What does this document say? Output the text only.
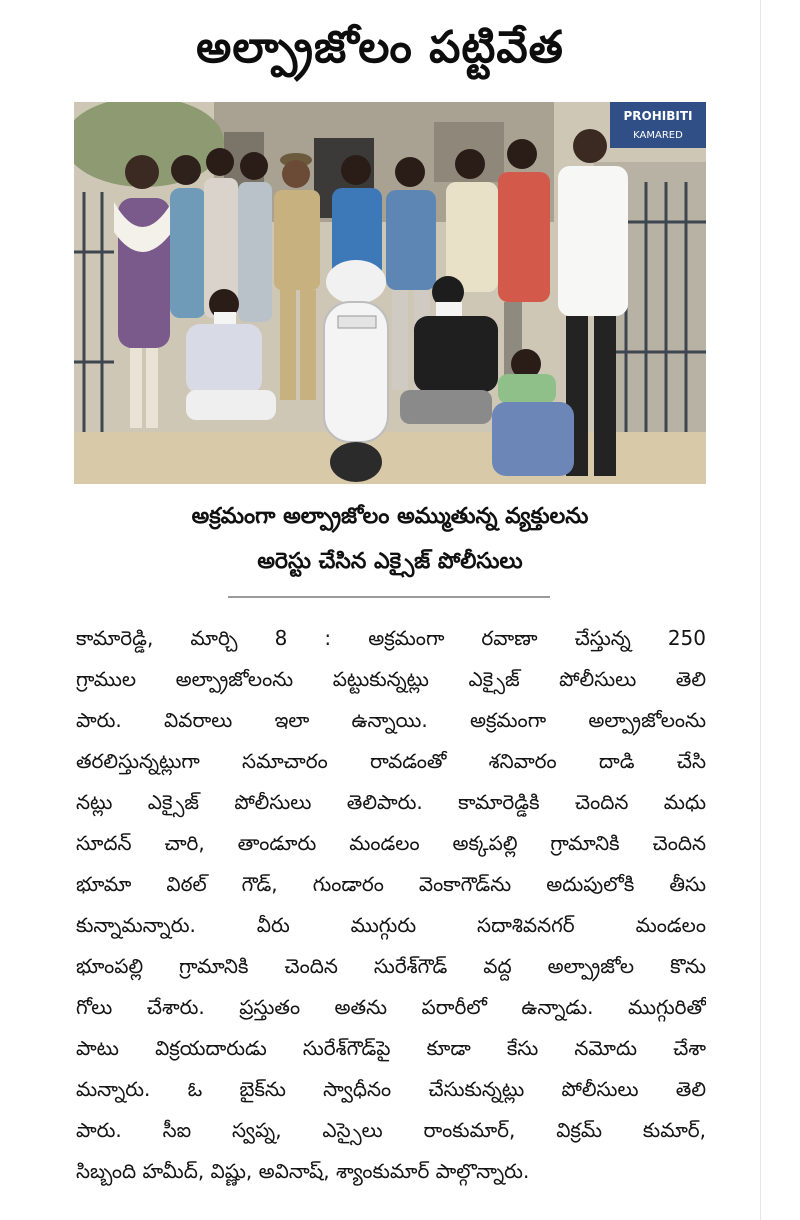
అల్ప్రాజోలం పట్టివేత
PROHIBITI
KAMARED
అక్రమంగా అల్ప్రాజోలం అమ్ముతున్న వ్యక్తులను
అరెస్టు చేసిన ఎక్సైజ్ పోలీసులు
కామారెడ్డి, మార్చి 8 : అక్రమంగా రవాణా చేస్తున్న 250
గ్రాముల అల్ప్రాజోలంను పట్టుకున్నట్లు ఎక్సైజ్ పోలీసులు తెలి
పారు. వివరాలు ఇలా ఉన్నాయి. అక్రమంగా అల్ప్రాజోలంను
తరలిస్తున్నట్లుగా సమాచారం రావడంతో శనివారం దాడి చేసి
నట్లు ఎక్సైజ్ పోలీసులు తెలిపారు. కామారెడ్డికి చెందిన మధు
సూదన్ చారి, తాండూరు మండలం అక్కపల్లి గ్రామానికి చెందిన
భూమా విఠల్ గౌడ్, గుండారం వెంకాగౌడ్‌ను అదుపులోకి తీసు
కున్నామన్నారు. వీరు ముగ్గురు సదాశివనగర్ మండలం
భూంపల్లి గ్రామానికి చెందిన సురేశ్‌గౌడ్ వద్ద అల్ప్రాజోల కొను
గోలు చేశారు. ప్రస్తుతం అతను పరారీలో ఉన్నాడు. ముగ్గురితో
పాటు విక్రయదారుడు సురేశ్‌గౌడ్‌పై కూడా కేసు నమోదు చేశా
మన్నారు. ఓ బైక్‌ను స్వాధీనం చేసుకున్నట్లు పోలీసులు తెలి
పారు. సీఐ స్వప్న, ఎస్సైలు రాంకుమార్, విక్రమ్ కుమార్,
సిబ్బంది హమీద్, విష్ణు, అవినాష్, శ్యాంకుమార్ పాల్గొన్నారు.
